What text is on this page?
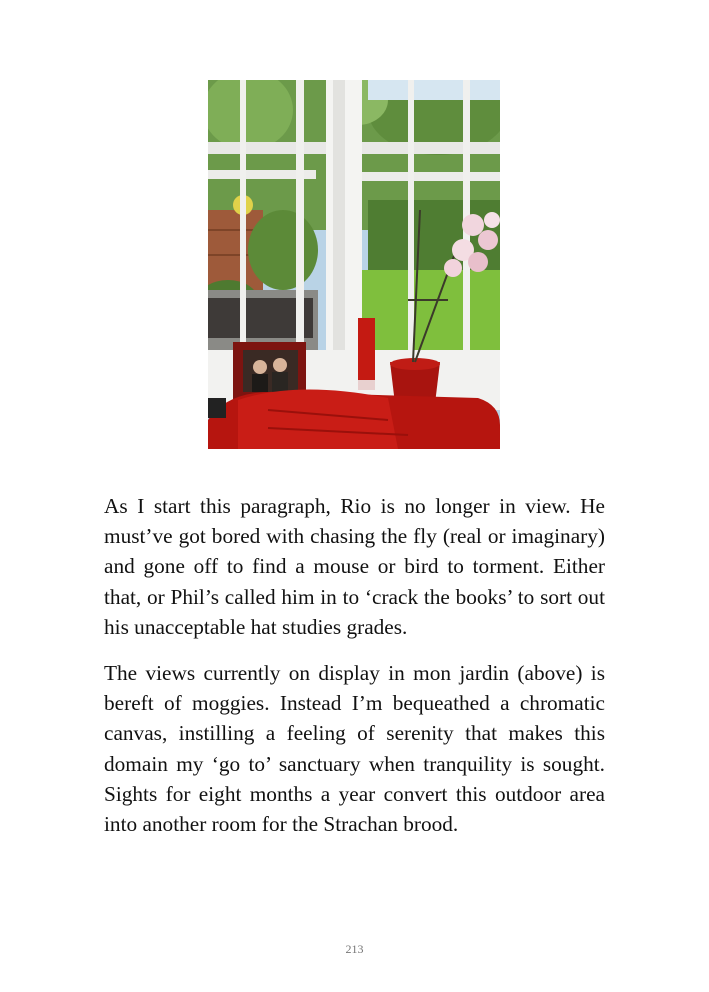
As I start this paragraph, Rio is no longer in view. He must’ve got bored with chasing the fly (real or imaginary) and gone off to find a mouse or bird to torment. Either that, or Phil’s called him in to ‘crack the books’ to sort out his unacceptable hat studies grades.

The views currently on display in mon jardin (above) is bereft of moggies. Instead I’m bequeathed a chromatic canvas, instilling a feeling of serenity that makes this domain my ‘go to’ sanctuary when tranquility is sought. Sights for eight months a year convert this outdoor area into another room for the Strachan brood.

213
